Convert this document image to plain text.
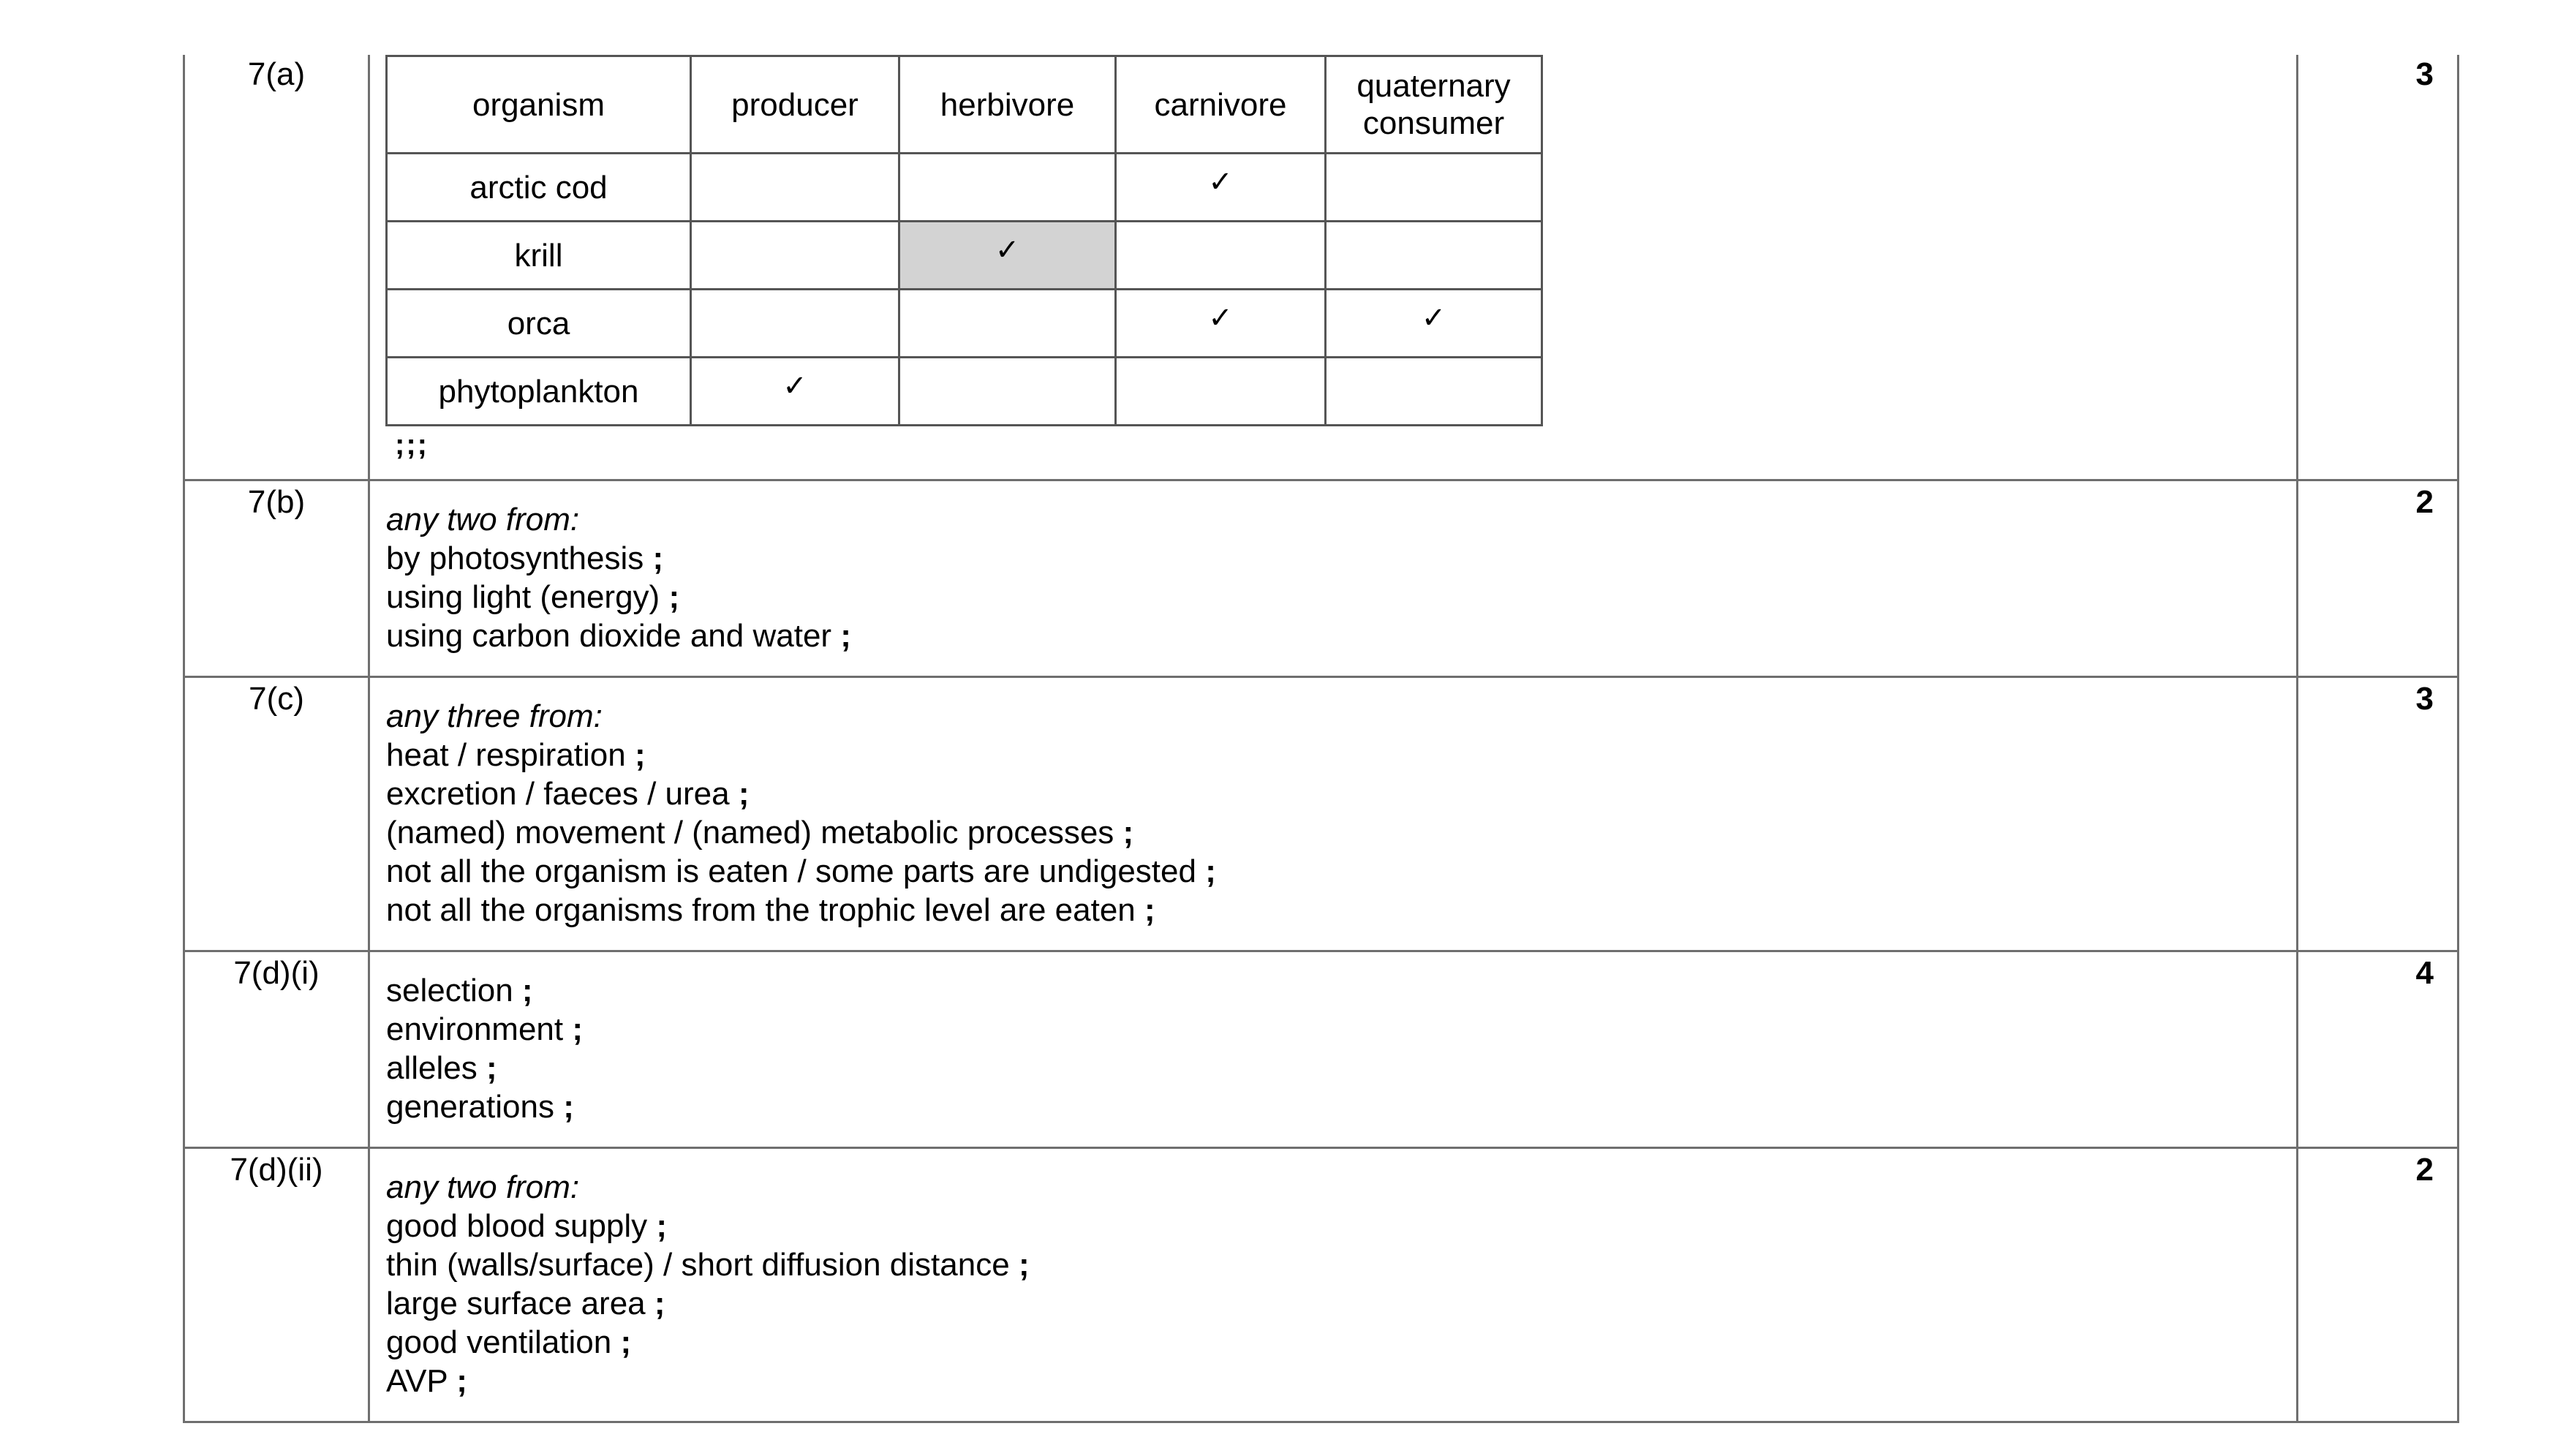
7(a)	
organism	producer	herbivore	carnivore	quaternary consumer
arctic cod			✓	
krill		✓		
orca			✓	✓
phytoplankton	✓			
;;;
	3
7(b)	any two from:
by photosynthesis ;
using light (energy) ;
using carbon dioxide and water ;
	2
7(c)	any three from:
heat / respiration ;
excretion / faeces / urea ;
(named) movement / (named) metabolic processes ;
not all the organism is eaten / some parts are undigested ;
not all the organisms from the trophic level are eaten ;
	3
7(d)(i)	selection ;
environment ;
alleles ;
generations ;
	4
7(d)(ii)	any two from:
good blood supply ;
thin (walls/surface) / short diffusion distance ;
large surface area ;
good ventilation ;
AVP ;
	2
